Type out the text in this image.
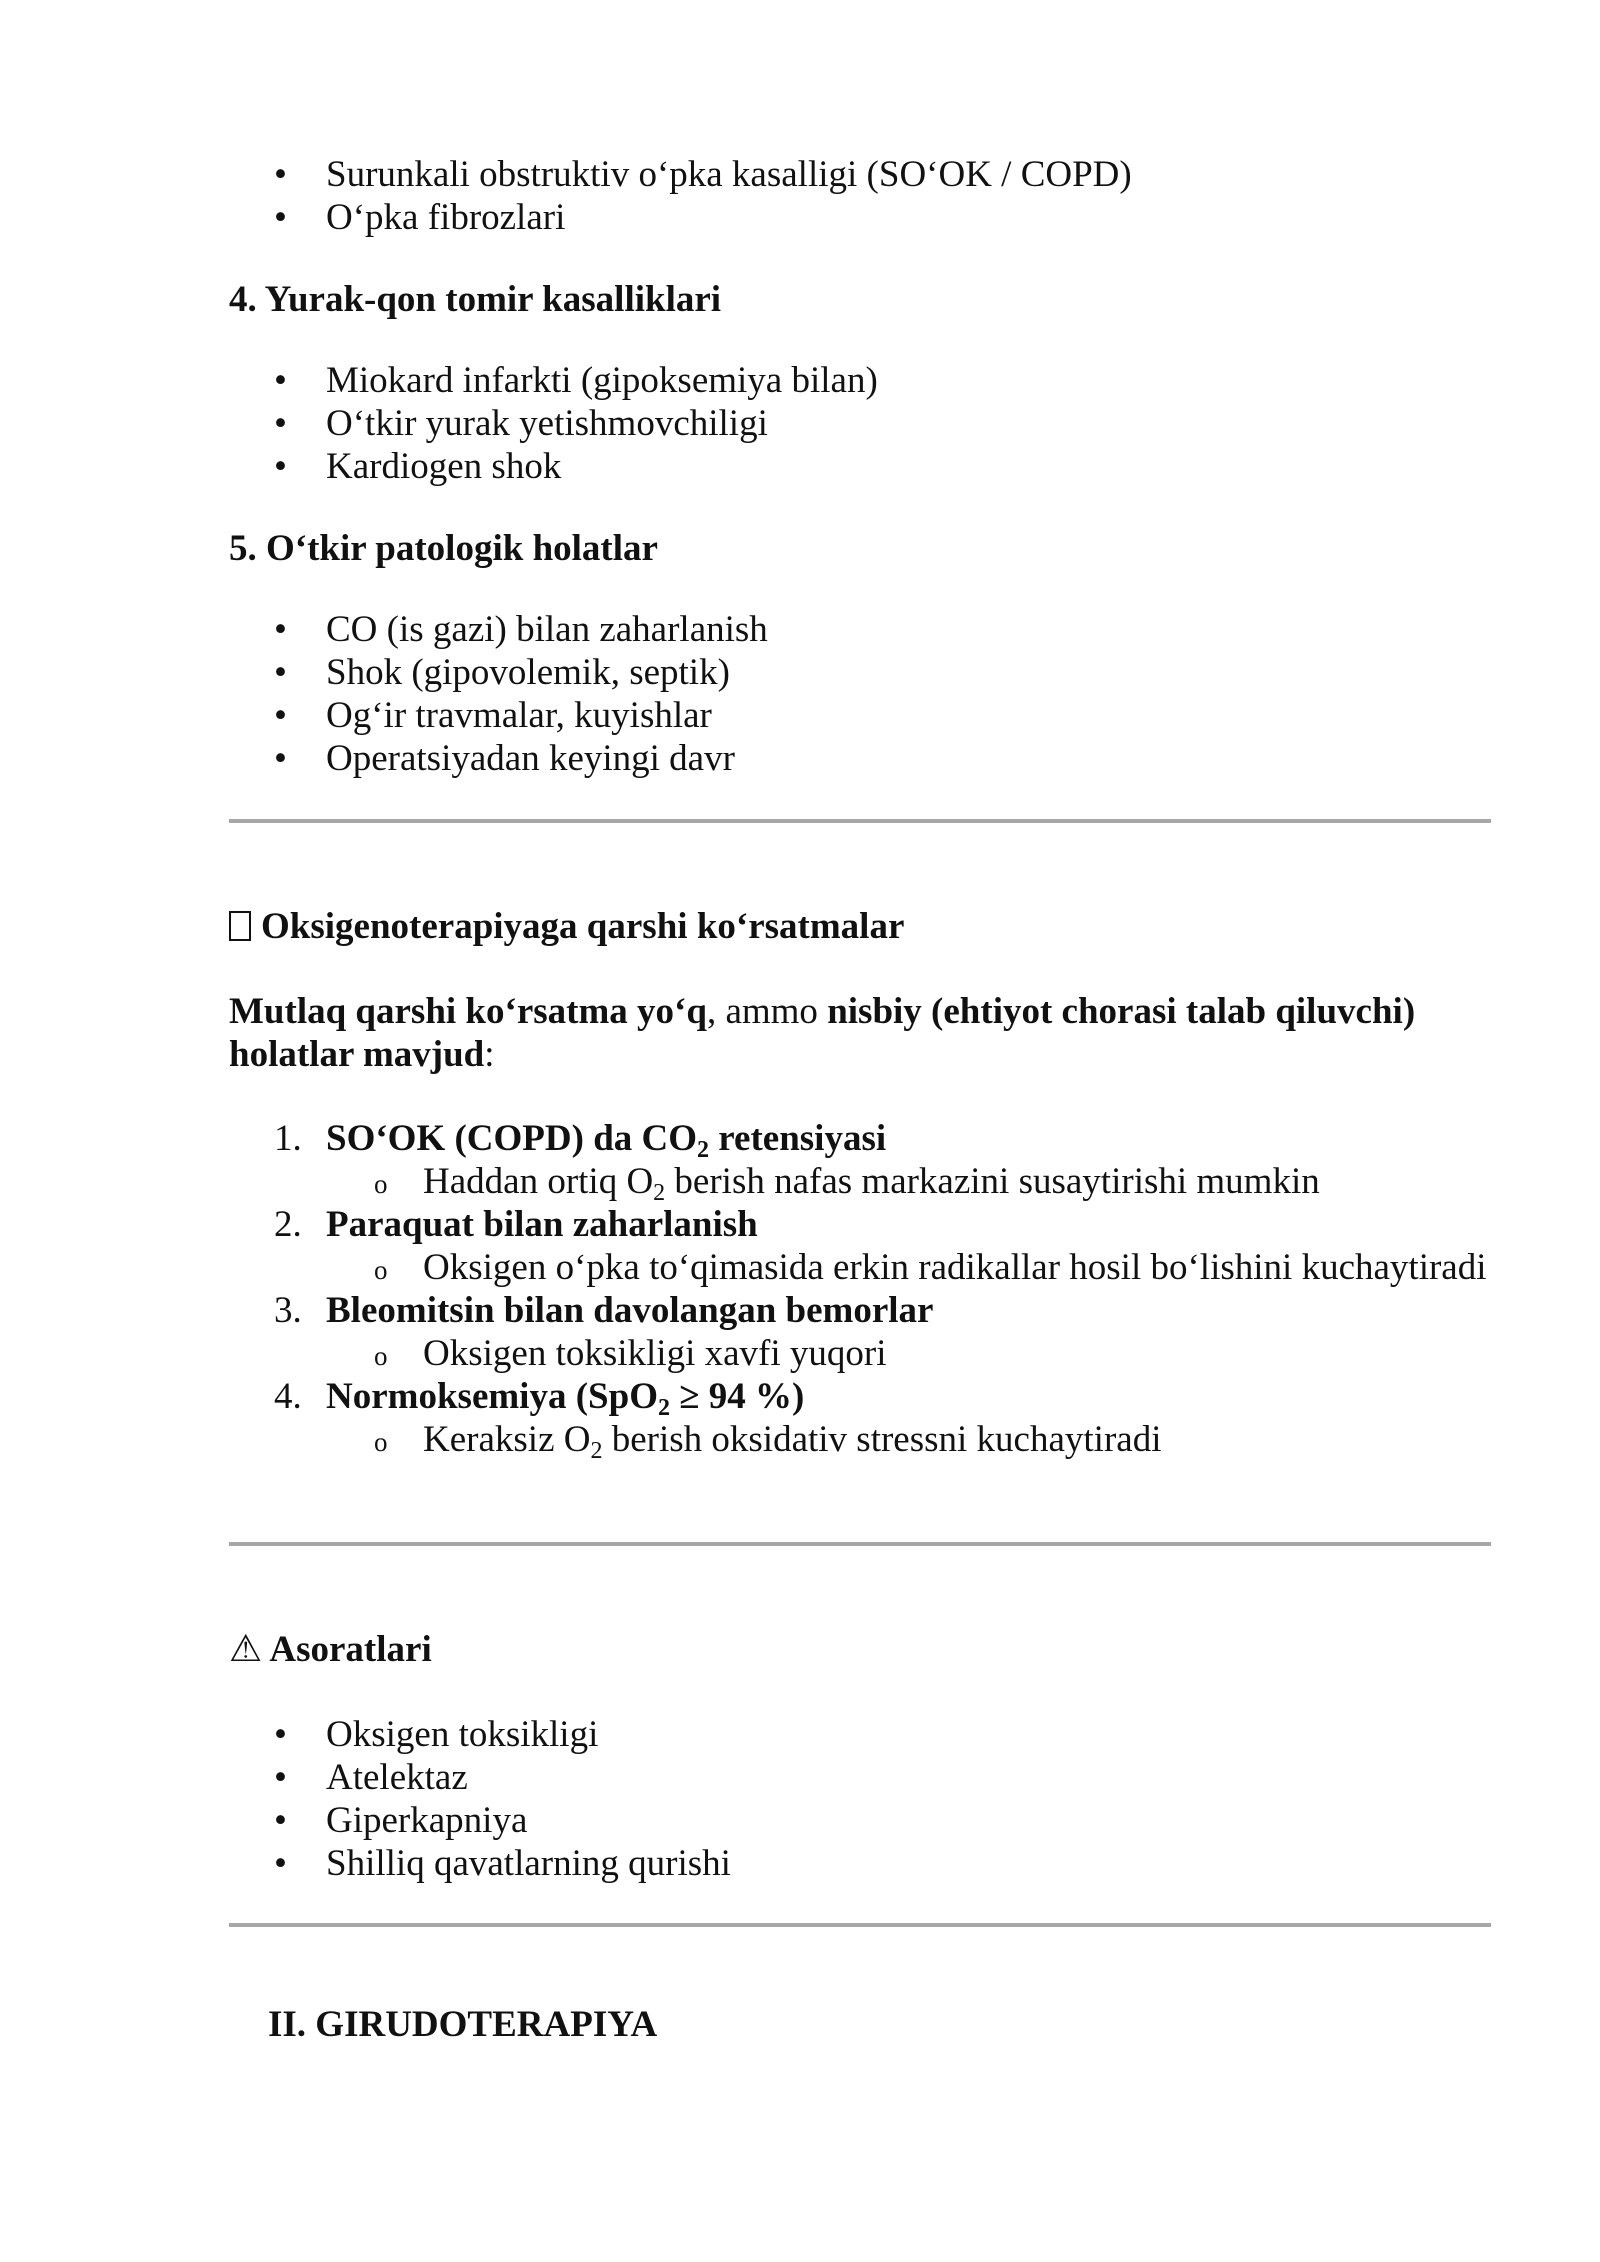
• Surunkali obstruktiv o‘pka kasalligi (SO‘OK / COPD)
• O‘pka fibrozlari
4. Yurak-qon tomir kasalliklari
• Miokard infarkti (gipoksemiya bilan)
• O‘tkir yurak yetishmovchiligi
• Kardiogen shok
5. O‘tkir patologik holatlar
• CO (is gazi) bilan zaharlanish
• Shok (gipovolemik, septik)
• Og‘ir travmalar, kuyishlar
• Operatsiyadan keyingi davr
Oksigenoterapiyaga qarshi ko‘rsatmalar
Mutlaq qarshi ko‘rsatma yo‘q, ammo nisbiy (ehtiyot chorasi talab qiluvchi) holatlar mavjud:
1. SO‘OK (COPD) da $CO_2$ retensiyasi
o Haddan ortiq $O_2$ berish nafas markazini susaytirishi mumkin
2. Paraquat bilan zaharlanish
o Oksigen o‘pka to‘qimasida erkin radikallar hosil bo‘lishini kuchaytiradi
3. Bleomitsin bilan davolangan bemorlar
o Oksigen toksikligi xavfi yuqori
4. Normoksemiya (SpO$_2$ ≥ 94 %)
o Keraksiz $O_2$ berish oksidativ stressni kuchaytiradi
⚠ Asoratlari
• Oksigen toksikligi
• Atelektaz
• Giperkapniya
• Shilliq qavatlarning qurishi
II. GIRUDOTERAPIYA
